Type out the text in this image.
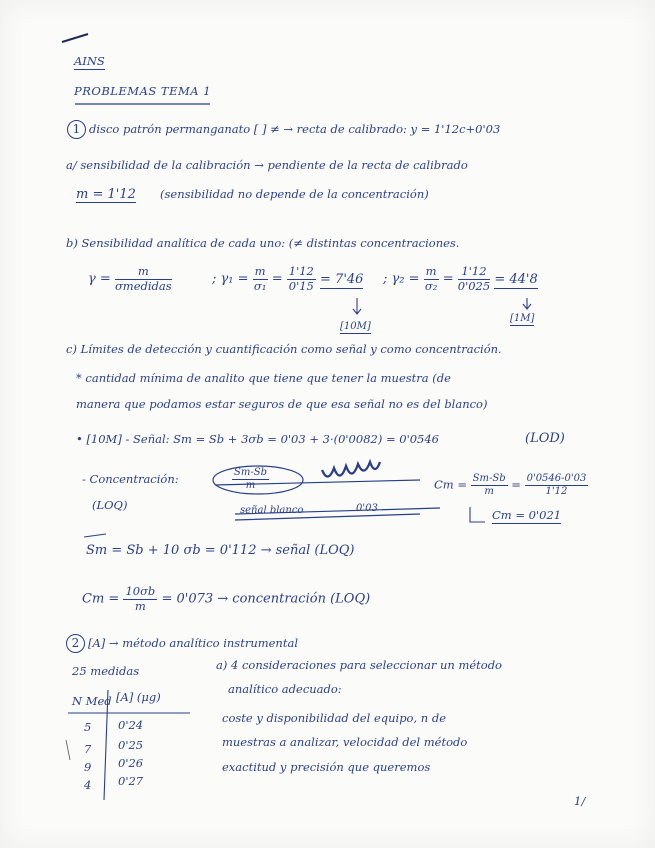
AINS
PROBLEMAS TEMA 1
1 disco patrón permanganato [ ] ≠ → recta de calibrado: y = 1'12c+0'03
a/ sensibilidad de la calibración → pendiente de la recta de calibrado
m = 1'12 (sensibilidad no depende de la concentración)
b) Sensibilidad analítica de cada uno: (≠ distintas concentraciones.
$\gamma = \frac{m}{\text{σmedidas}}$	; $\gamma_1 = \frac{m}{\text{σ₁}} = \frac{1'12}{0'15} = 7'46$ ; $\gamma_2 = \frac{m}{\text{σ₂}} = \frac{1'12}{0'025} = 44'8$
[10M]
[1M]
c) Límites de detección y cuantificación como señal y como concentración.
* cantidad mínima de analito que tiene que tener la muestra (de
manera que podamos estar seguros de que esa señal no es del blanco)
• [10M] - Señal: Sm = Sb + 3σb = 0'03 + 3·(0'0082) = 0'0546	(LOD)
- Concentración:	$\frac{Sm-Sb}{m}$
(LOQ)
$Cm = \frac{Sm-Sb}{m} = \frac{0'0546-0'03}{1'12}$
señal blanco	0'03	Cm = 0'021
Sm = Sb + 10 σb = 0'112 → señal (LOQ)
$Cm = \frac{10\sigma b}{m} = 0'073$ → concentración (LOQ)
2 [A] → método analítico instrumental
25 medidas
N Med [A] (μg)
5 0'24
7 0'25
9 0'26
4 0'27
a) 4 consideraciones para seleccionar un método
analítico adecuado:
coste y disponibilidad del equipo, n de
muestras a analizar, velocidad del método
exactitud y precisión que queremos
1/
